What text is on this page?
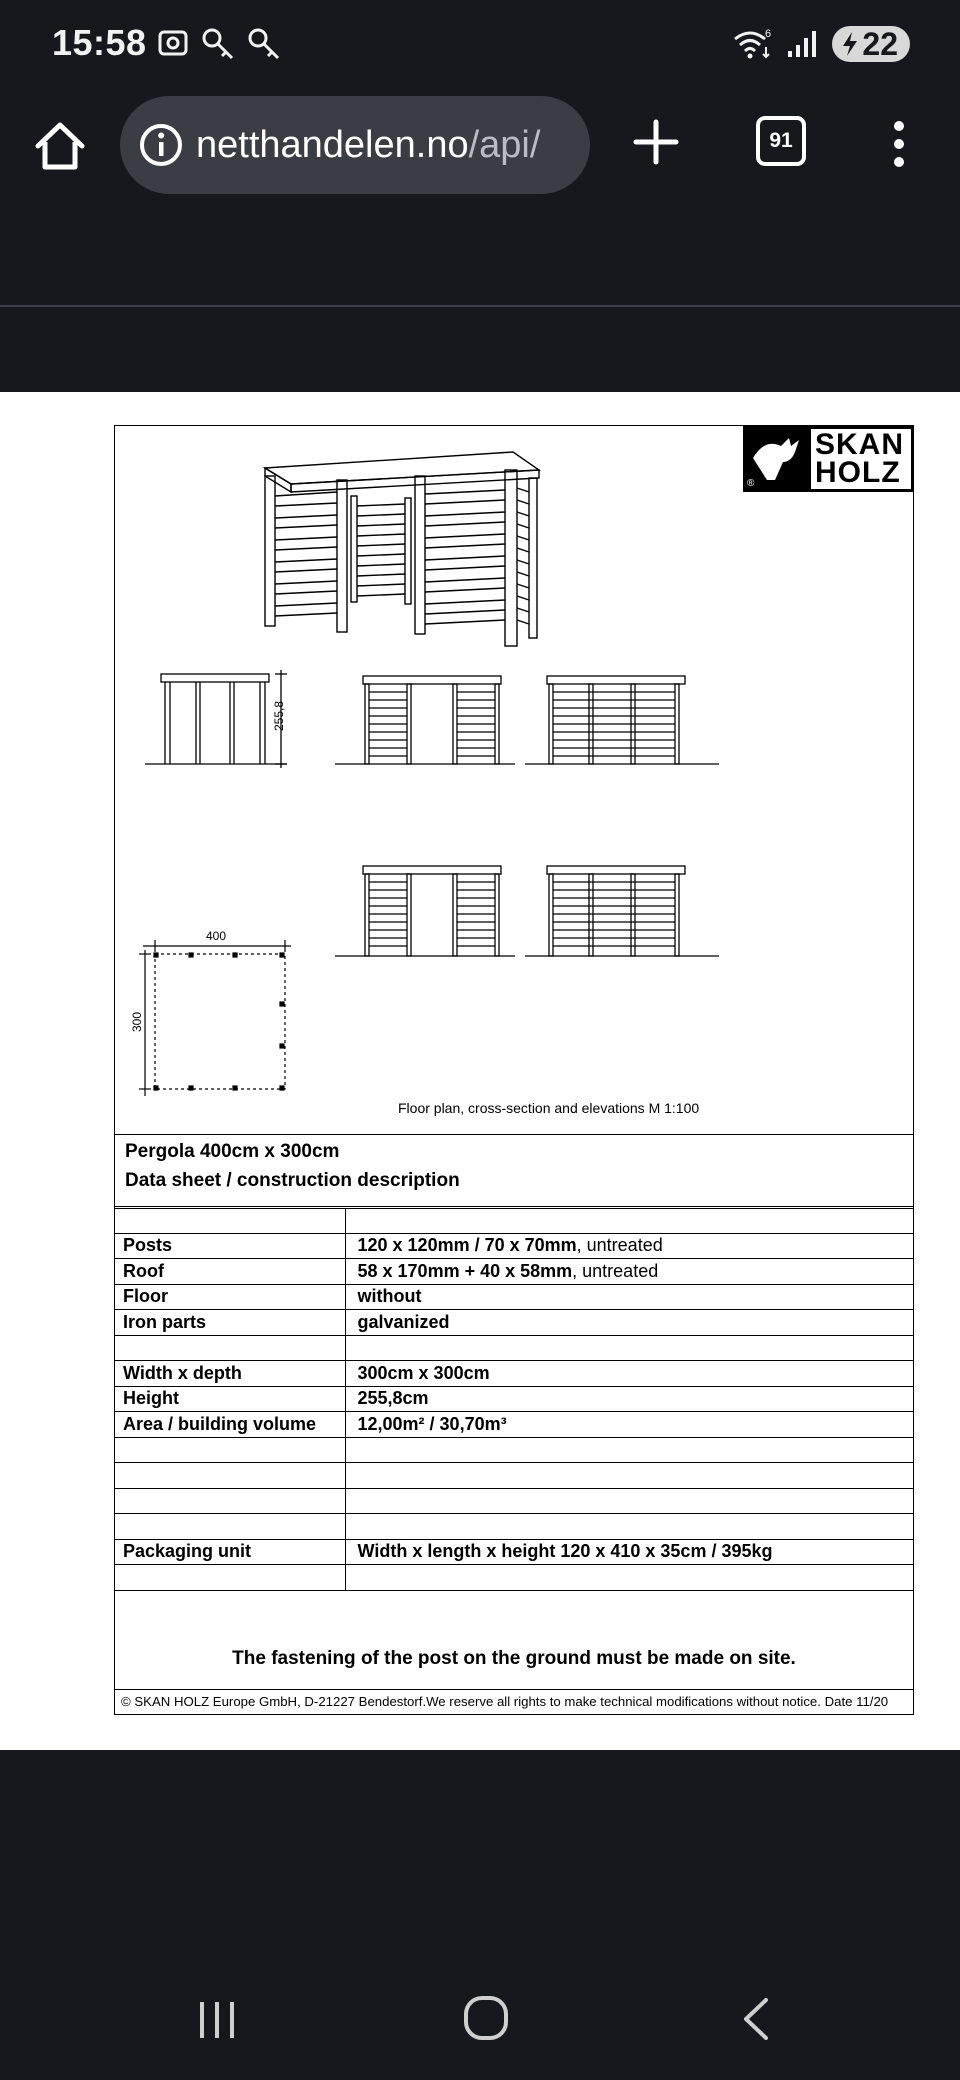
15:58	6	22
netthandelen.no/api/	91
255,8
400
300
®
SKAN
HOLZ
Floor plan, cross-section and elevations M 1:100
Pergola 400cm x 300cm
Data sheet / construction description

Posts	120 x 120mm / 70 x 70mm, untreated
Roof	58 x 170mm + 40 x 58mm, untreated
Floor	without
Iron parts	galvanized

Width x depth	300cm x 300cm
Height	255,8cm
Area / building volume	12,00m² / 30,70m³

Packaging unit	Width x length x height 120 x 410 x 35cm / 395kg

The fastening of the post on the ground must be made on site.
© SKAN HOLZ Europe GmbH, D-21227 Bendestorf.We reserve all rights to make technical modifications without notice. Date 11/20
